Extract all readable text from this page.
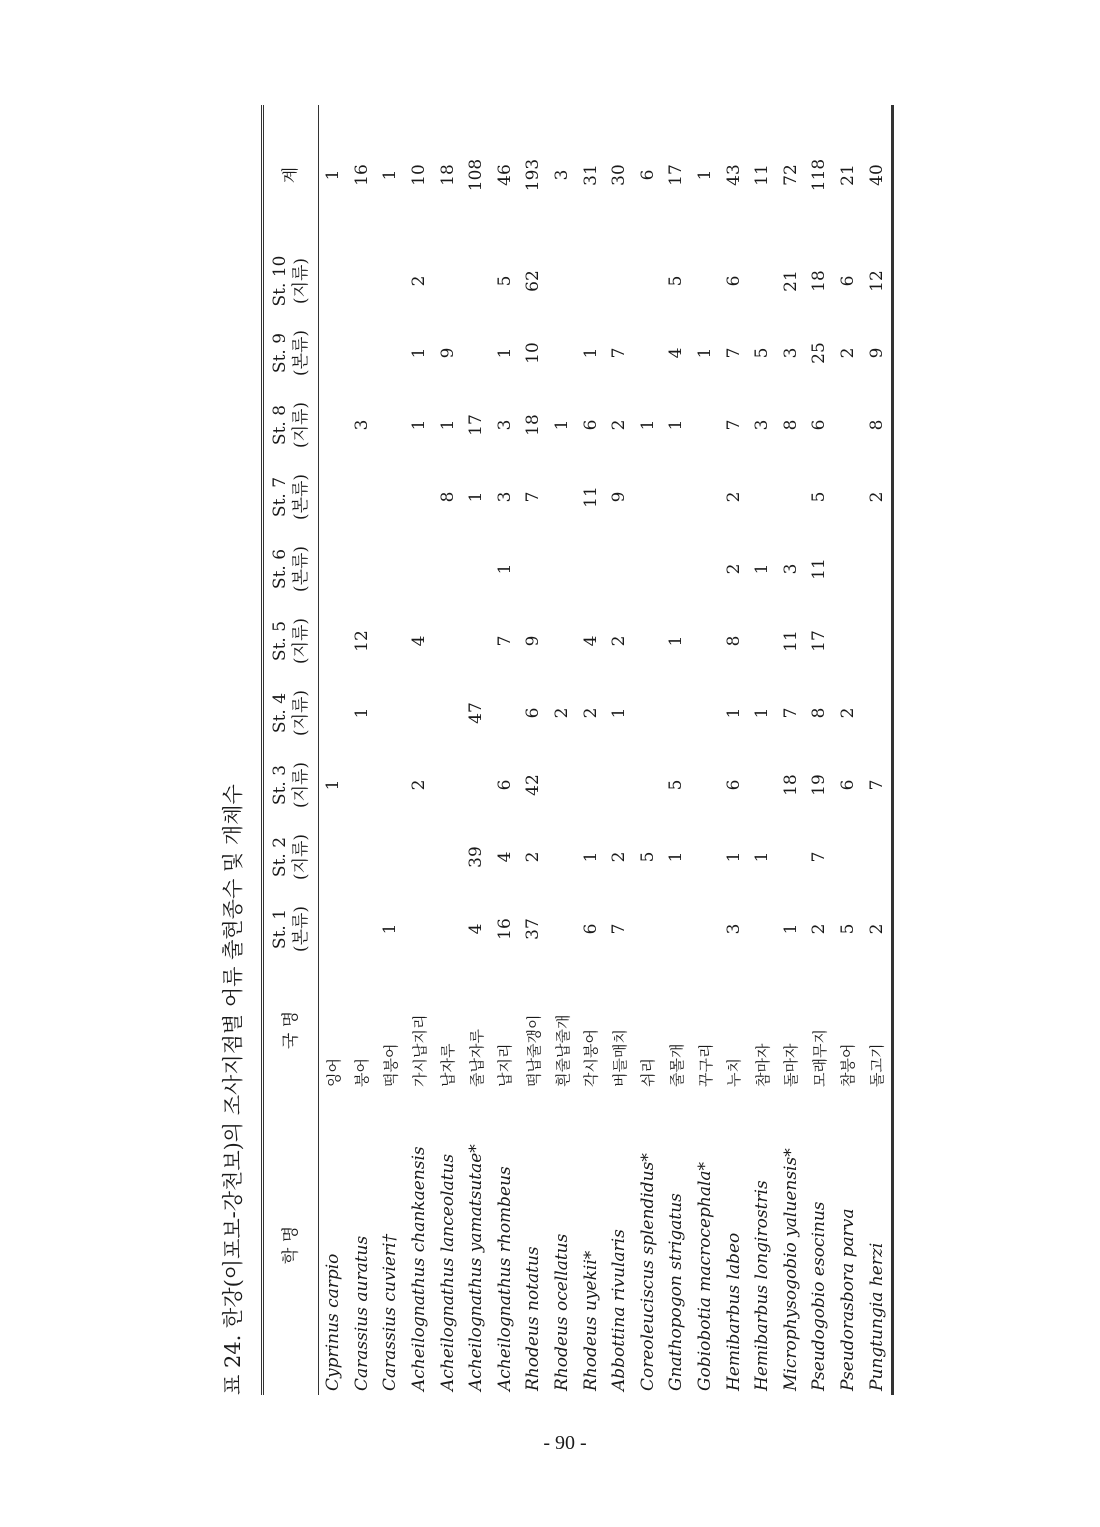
표 24. 한강(이포보-강천보)의 조사지점별 어류 출현종수 및 개체수	학 명	국 명	St. 1 (본류)	St. 2 (지류)	St. 3 (지류)	St. 4 (지류)	St. 5 (지류)	St. 6 (본류)	St. 7 (본류)	St. 8 (지류)	St. 9 (본류)	St. 10 (지류)	계
Cyprinus carpio	잉어			1								1
Carassius auratus	붕어				1	12			3			16
Carassius cuvieri†	떡붕어	1										1
Acheilognathus chankaensis	가시납지리			2		4			1	1	2	10
Acheilognathus lanceolatus	납자루							8	1	9		18
Acheilognathus yamatsutae*	줄납자루	4	39		47			1	17			108
Acheilognathus rhombeus	납지리	16	4	6		7	1	3	3	1	5	46
Rhodeus notatus	떡납줄갱이	37	2	42	6	9		7	18	10	62	193
Rhodeus ocellatus	흰줄납줄개				2				1			3
Rhodeus uyekii*	각시붕어	6	1		2	4		11	6	1		31
Abbottina rivularis	버들매치	7	2		1	2		9	2	7		30
Coreoleuciscus splendidus*	쉬리		5						1			6
Gnathopogon strigatus	줄몰개		1	5		1			1	4	5	17
Gobiobotia macrocephala*	꾸구리									1		1
Hemibarbus labeo	누치	3	1	6	1	8	2	2	7	7	6	43
Hemibarbus longirostris	참마자		1		1		1		3	5		11
Microphysogobio yaluensis*	돌마자	1		18	7	11	3		8	3	21	72
Pseudogobio esocinus	모래무지	2	7	19	8	17	11	5	6	25	18	118
Pseudorasbora parva	참붕어	5		6	2					2	6	21
Pungtungia herzi	돌고기	2		7				2	8	9	12	40
- 90 -
